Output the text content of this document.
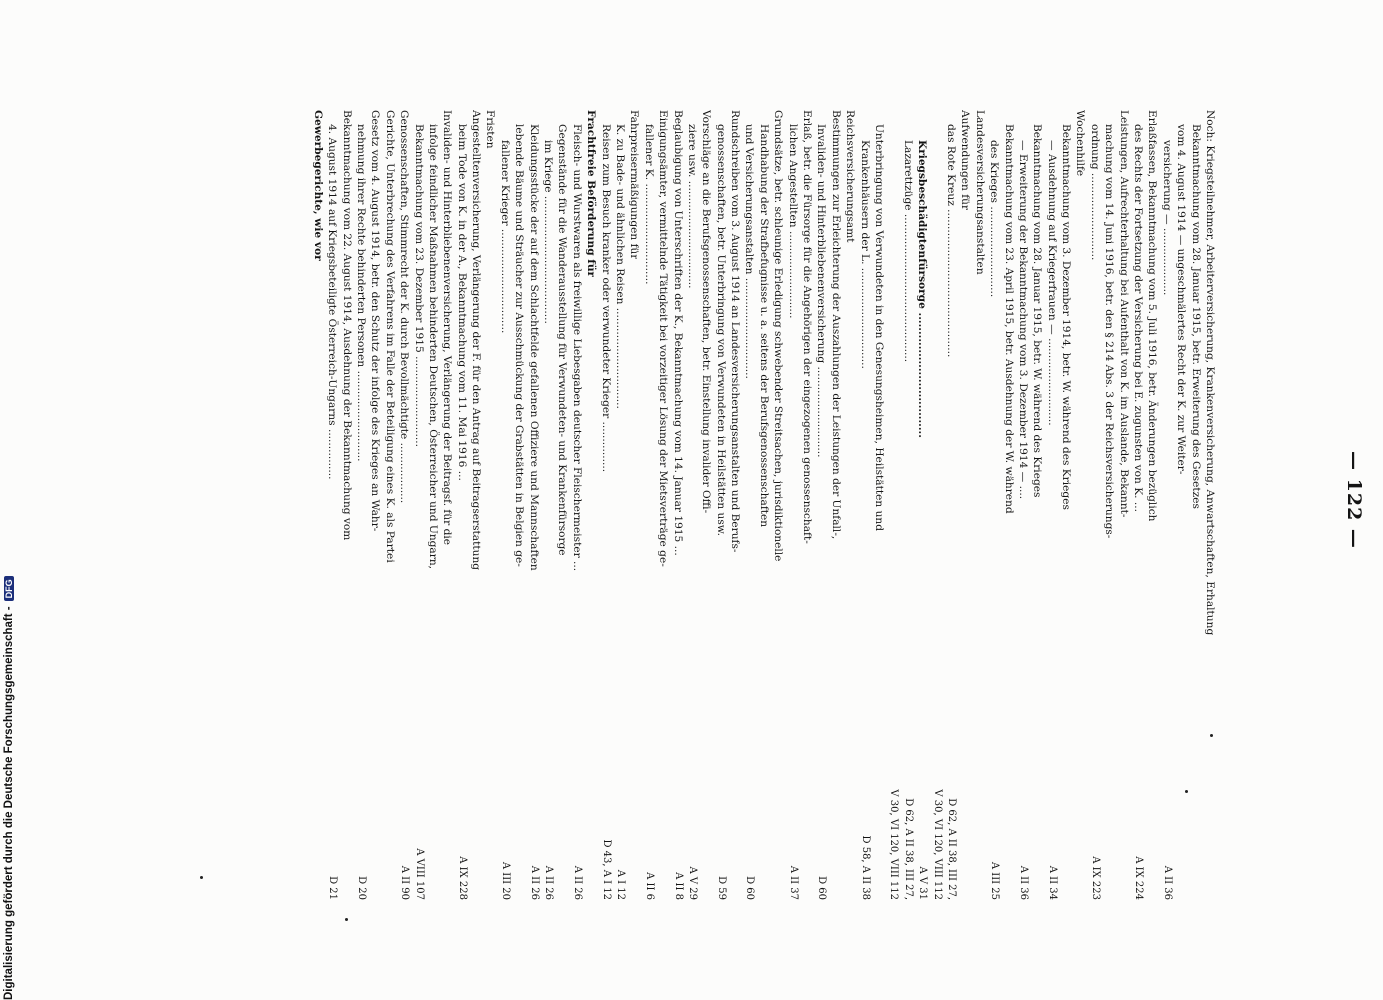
— 122 —
Noch: Kriegsteilnehmer, Arbeiterversicherung, Krankenversicherung, Anwartschaften, Erhaltung
Bekanntmachung vom 28. Januar 1915, betr. Erweiterung des Gesetzes
vom 4. August 1914 — ungeschmälertes Recht der K. zur Weiter-
versicherung — ....................
A II 36
Erlaßfassen, Bekanntmachung vom 5. Juli 1916, betr. Änderungen bezüglich
des Rechts der Fortsetzung der Versicherung bei E. zugunsten von K. ...
A IX 224
Leistungen, Aufrechterhaltung bei Aufenthalt von K. im Auslande, Bekannt-
machung vom 14. Juni 1916, betr. den § 214 Abs. 3 der Reichsversicherungs-
ordnung ..........................
A IX 223
Wochenhilfe
Bekanntmachung vom 3. Dezember 1914, betr. W. während des Krieges
— Ausdehnung auf Kriegerfrauen — ..........................
A II 34
Bekanntmachung vom 28. Januar 1915, betr. W. während des Krieges
— Erweiterung der Bekanntmachung vom 3. Dezember 1914 — ....
A II 36
Bekanntmachung vom 23. April 1915, betr. Ausdehnung der W. während
des Krieges ...........................
A III 25
Landesversicherungsanstalten
Aufwendungen für
das Rote Kreuz ............................................
D 62, A II 38, III 27,
V 30, VI 120, VIII 112
Kriegsbeschädigtenfürsorge ..................................
A V 31
Lazarettzüge ............................................
D 62, A II 38, III 27,
V 30, VI 120, VIII 112
Unterbringung von Verwundeten in den Genesungsheimen, Heilstätten und
Krankenhäusern der L. ..............................
D 58, A II 38
Reichsversicherungsamt
Bestimmungen zur Erleichterung der Auszahlungen der Leistungen der Unfall-,
Invaliden- und Hinterbliebenenversicherung ...........................
D 60
Erlaß, betr. die Fürsorge für die Angehörigen der eingezogenen genossenschaft-
lichen Angestellten ..........................
A II 37
Grundsätze, betr. schleunige Erledigung schwebender Streitsachen, jurisdiktionelle
Handhabung der Strafbefugnisse u. a. seitens der Berufsgenossenschaften
und Versicherungsanstalten ..............................
D 60
Rundschreiben vom 3. August 1914 an Landesversicherungsanstalten und Berufs-
genossenschaften, betr. Unterbringung von Verwundeten in Heilstätten usw.
D 59
Vorschläge an die Berufsgenossenschaften, betr. Einstellung invalider Offi-
ziere usw. ................................
A V 29
Beglaubigung von Unterschriften der K., Bekanntmachung vom 14. Januar 1915 ...
A II 8
Einigungsämter, vermittelnde Tätigkeit bei vorzeitiger Lösung der Mietsverträge ge-
fallener K. ..............................
A II 6
Fahrpreisermäßigungen für
K. zu Bade- und ähnlichen Reisen ..............................
A I 12
Reisen zum Besuch kranker oder verwundeter Krieger ...............
D 43, A I 12
Frachtfreie Beförderung für
Fleisch- und Wurstwaren als freiwillige Liebesgaben deutscher Fleischermeister ...
A II 26
Gegenstände für die Wanderausstellung für Verwundeten- und Krankenfürsorge
im Kriege ......................................
A II 26
Kleidungsstücke der auf dem Schlachtfelde gefallenen Offiziere und Mannschaften
A II 26
lebende Bäume und Sträucher zur Ausschmückung der Grabstätten in Belgien ge-
fallener Krieger ...............................
A III 20
Fristen
Angestelltenversicherung, Verlängerung der F. für den Antrag auf Beitragserstattung
beim Tode von K. in der A., Bekanntmachung vom 11. Mai 1916 ...
A IX 228
Invaliden- und Hinterbliebenenversicherung, Verlängerung der Beitragsf. für die
infolge feindlicher Maßnahmen behinderten Deutschen, Österreicher und Ungarn,
Bekanntmachung vom 23. Dezember 1915 ...........................
A VIII 107
Genossenschaften, Stimmrecht der K. durch Bevollmächtigte ..................
A II 90
Gerichte, Unterbrechung des Verfahrens im Falle der Beteiligung eines K. als Partei
Gesetz vom 4. August 1914, betr. den Schutz der infolge des Krieges an Wahr-
nehmung ihrer Rechte behinderten Personen ...........................
D 20
Bekanntmachung vom 22. August 1914, Ausdehnung der Bekanntmachung vom
4. August 1914 auf Kriegsbeteiligte Österreich-Ungarns ...............
D 21
Gewerbegerichte, wie vor
Digitalisierung gefördert durch die Deutsche Forschungsgemeinschaft -DFG
